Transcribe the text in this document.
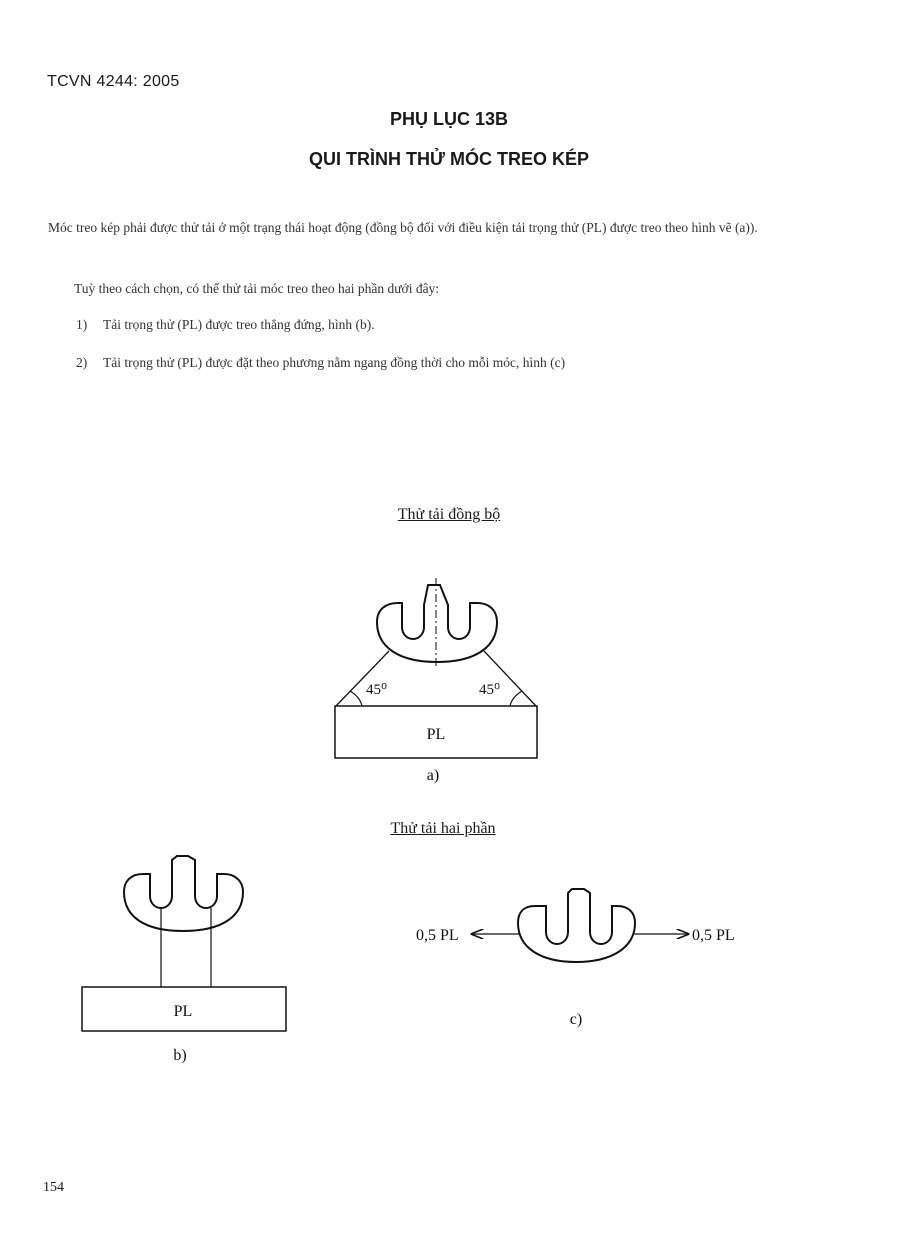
TCVN 4244: 2005
PHỤ LỤC 13B
QUI TRÌNH THỬ MÓC TREO KÉP
Móc treo kép phải được thử tải ở một trạng thái hoạt động (đồng bộ đối với điều kiện tải trọng thử (PL) được treo theo hình vẽ (a)).
Tuỳ theo cách chọn, có thể thử tải móc treo theo hai phần dưới đây:
1) Tải trọng thử (PL) được treo thẳng đứng, hình (b).
2) Tải trọng thử (PL) được đặt theo phương nằm ngang đồng thời cho mỗi móc, hình (c)
Thử tải đồng bộ
Thử tải hai phần
45⁰	45⁰
PL
a)
PL
b)
0,5 PL	0,5 PL
c)
154
